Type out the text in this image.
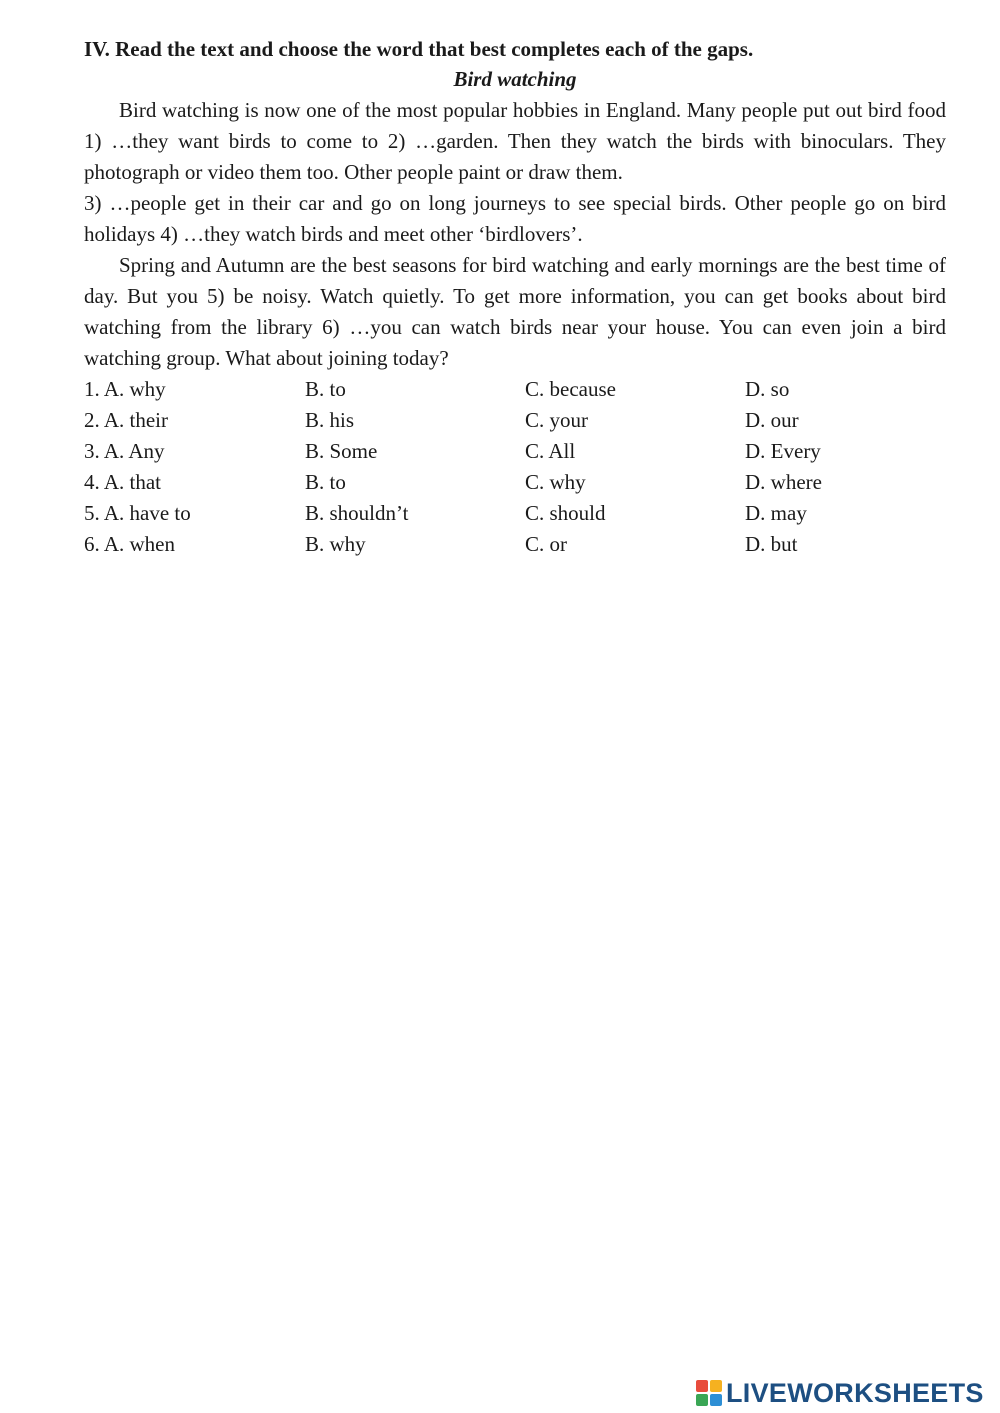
IV. Read the text and choose the word that best completes each of the gaps.

Bird watching

Bird watching is now one of the most popular hobbies in England. Many people put out bird food 1) …they want birds to come to 2) …garden. Then they watch the birds with binoculars. They photograph or video them too. Other people paint or draw them.

3) …people get in their car and go on long journeys to see special birds. Other people go on bird holidays 4) …they watch birds and meet other ‘birdlovers’.

Spring and Autumn are the best seasons for bird watching and early mornings are the best time of day. But you 5) be noisy. Watch quietly. To get more information, you can get books about bird watching from the library 6) …you can watch birds near your house. You can even join a bird watching group. What about joining today?

1. A. why	B. to	C. because	D. so
2. A. their	B. his	C. your	D. our
3. A. Any	B. Some	C. All	D. Every
4. A. that	B. to	C. why	D. where
5. A. have to	B. shouldn’t	C. should	D. may
6. A. when	B. why	C. or	D. but
LIVEWORKSHEETS
